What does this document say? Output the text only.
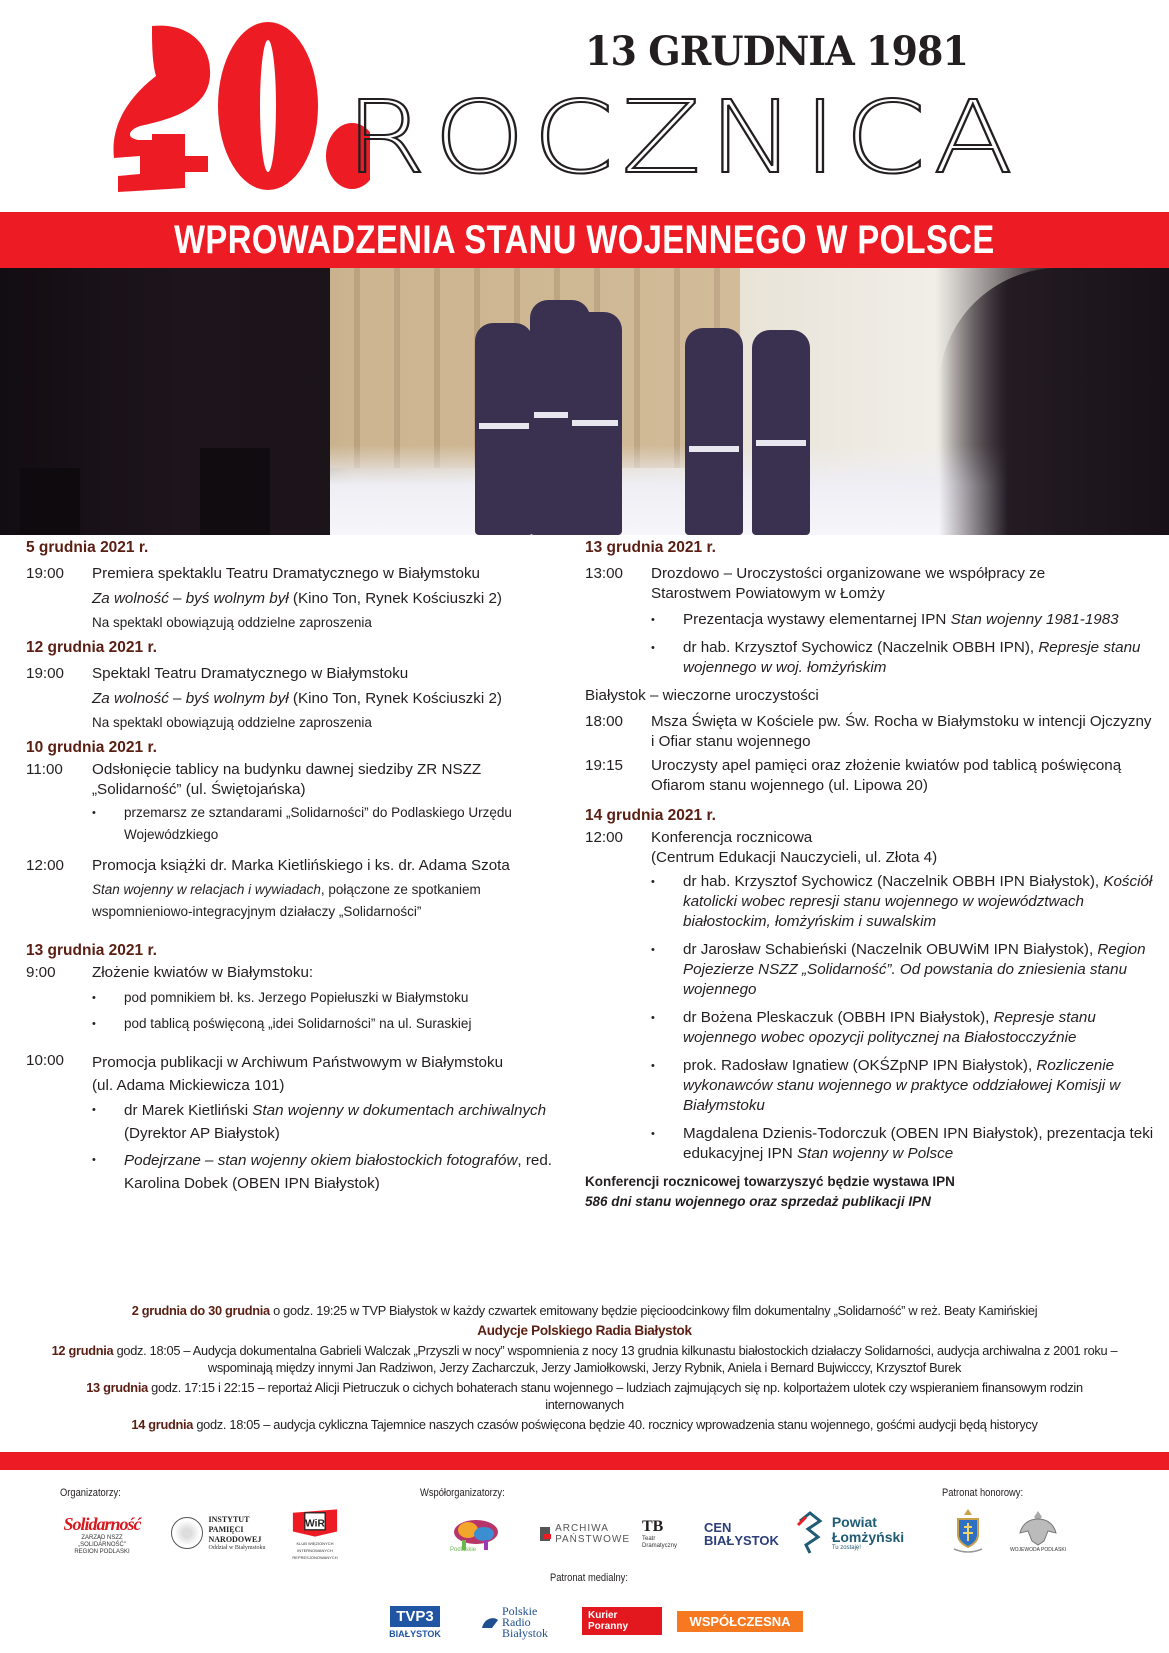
13 GRUDNIA 1981
ROCZNICA
WPROWADZENIA STANU WOJENNEGO W POLSCE
5 grudnia 2021 r.
19:00	Premiera spektaklu Teatru Dramatycznego w Białymstoku
Za wolność – byś wolnym był (Kino Ton, Rynek Kościuszki 2)
Na spektakl obowiązują oddzielne zaproszenia
12 grudnia 2021 r.
19:00	Spektakl Teatru Dramatycznego w Białymstoku
Za wolność – byś wolnym był (Kino Ton, Rynek Kościuszki 2)
Na spektakl obowiązują oddzielne zaproszenia
10 grudnia 2021 r.
11:00	Odsłonięcie tablicy na budynku dawnej siedziby ZR NSZZ „Solidarność” (ul. Świętojańska)
• przemarsz ze sztandarami „Solidarności” do Podlaskiego Urzędu Wojewódzkiego
12:00	Promocja książki dr. Marka Kietlińskiego i ks. dr. Adama Szota
Stan wojenny w relacjach i wywiadach, połączone ze spotkaniem wspomnieniowo-integracyjnym działaczy „Solidarności”
13 grudnia 2021 r.
9:00	Złożenie kwiatów w Białymstoku:
• pod pomnikiem bł. ks. Jerzego Popiełuszki w Białymstoku
• pod tablicą poświęconą „idei Solidarności” na ul. Suraskiej
10:00	Promocja publikacji w Archiwum Państwowym w Białymstoku (ul. Adama Mickiewicza 101)
• dr Marek Kietliński Stan wojenny w dokumentach archiwalnych (Dyrektor AP Białystok)
• Podejrzane – stan wojenny okiem białostockich fotografów, red. Karolina Dobek (OBEN IPN Białystok)
13 grudnia 2021 r.
13:00	Drozdowo – Uroczystości organizowane we współpracy ze Starostwem Powiatowym w Łomży
• Prezentacja wystawy elementarnej IPN Stan wojenny 1981-1983
• dr hab. Krzysztof Sychowicz (Naczelnik OBBH IPN), Represje stanu wojennego w woj. łomżyńskim
Białystok – wieczorne uroczystości
18:00	Msza Święta w Kościele pw. Św. Rocha w Białymstoku w intencji Ojczyzny i Ofiar stanu wojennego
19:15	Uroczysty apel pamięci oraz złożenie kwiatów pod tablicą poświęconą Ofiarom stanu wojennego (ul. Lipowa 20)
14 grudnia 2021 r.
12:00	Konferencja rocznicowa
(Centrum Edukacji Nauczycieli, ul. Złota 4)
• dr hab. Krzysztof Sychowicz (Naczelnik OBBH IPN Białystok), Kościół katolicki wobec represji stanu wojennego w województwach białostockim, łomżyńskim i suwalskim
• dr Jarosław Schabieński (Naczelnik OBUWiM IPN Białystok), Region Pojezierze NSZZ „Solidarność”. Od powstania do zniesienia stanu wojennego
• dr Bożena Pleskaczuk (OBBH IPN Białystok), Represje stanu wojennego wobec opozycji politycznej na Białostocczyźnie
• prok. Radosław Ignatiew (OKŚZpNP IPN Białystok), Rozliczenie wykonawców stanu wojennego w praktyce oddziałowej Komisji w Białymstoku
• Magdalena Dzienis-Todorczuk (OBEN IPN Białystok), prezentacja teki edukacyjnej IPN Stan wojenny w Polsce
Konferencji rocznicowej towarzyszyć będzie wystawa IPN
586 dni stanu wojennego oraz sprzedaż publikacji IPN

2 grudnia do 30 grudnia o godz. 19:25 w TVP Białystok w każdy czwartek emitowany będzie pięcioodcinkowy film dokumentalny „Solidarność” w reż. Beaty Kamińskiej

Audycje Polskiego Radia Białystok

12 grudnia godz. 18:05 – Audycja dokumentalna Gabrieli Walczak „Przyszli w nocy” wspomnienia z nocy 13 grudnia kilkunastu białostockich działaczy Solidarności, audycja archiwalna z 2001 roku – wspominają między innymi Jan Radziwon, Jerzy Zacharczuk, Jerzy Jamiołkowski, Jerzy Rybnik, Aniela i Bernard Bujwicccy, Krzysztof Burek

13 grudnia godz. 17:15 i 22:15 – reportaż Alicji Pietruczuk o cichych bohaterach stanu wojennego – ludziach zajmujących się np. kolportażem ulotek czy wspieraniem finansowym rodzin internowanych

14 grudnia godz. 18:05 – audycja cykliczna Tajemnice naszych czasów poświęcona będzie 40. rocznicy wprowadzenia stanu wojennego, gośćmi audycji będą historycy

Organizatorzy:
Solidarność
ZARZĄD NSZZ „SOLIDARNOŚĆ”
REGION PODLASKI
INSTYTUT
PAMIĘCI
NARODOWEJ
Oddział w Białymstoku
WiR
KLUB WIĘZIONYCH INTERNOWANYCH REPRESJONOWANYCH
Współorganizatorzy:
Podlaskie
ARCHIWA
PAŃSTWOWE
TB
Teatr
Dramatyczny
CEN
BIAŁYSTOK
Powiat
Łomżyński
Tu zostaję!
Patronat honorowy:
WOJEWODA PODLASKI
Patronat medialny:
TVP3
BIAŁYSTOK
Polskie
Radio
Białystok
Kurier Poranny	WSPÓŁCZESNA
